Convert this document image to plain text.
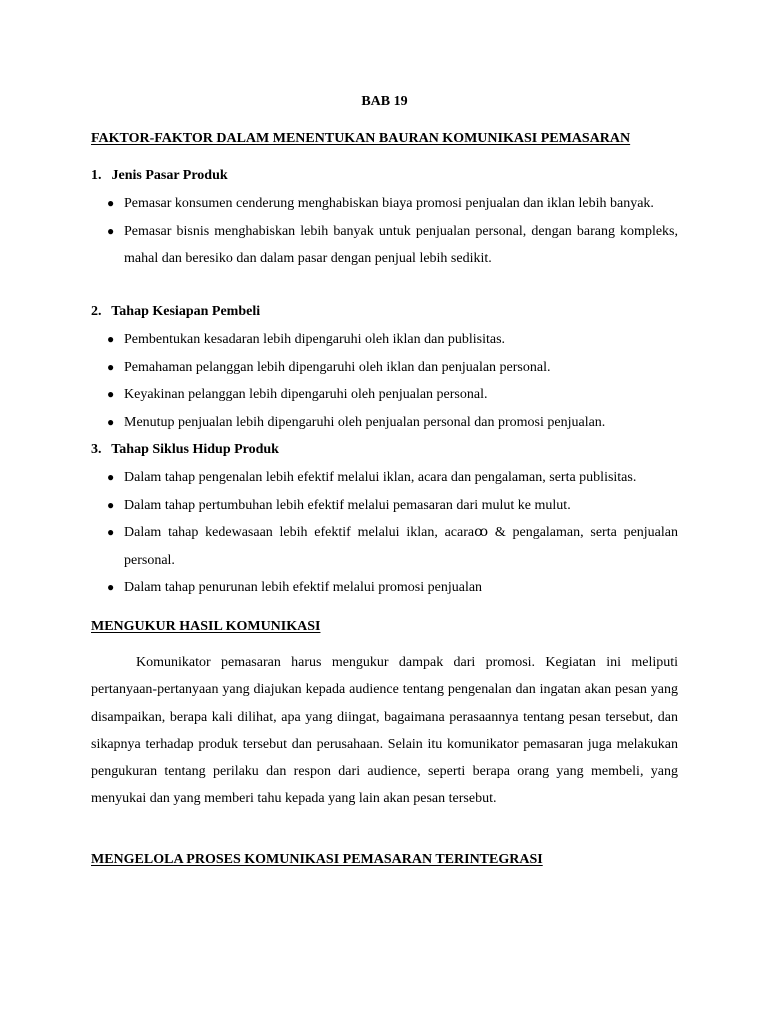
BAB 19
FAKTOR-FAKTOR DALAM MENENTUKAN BAURAN KOMUNIKASI PEMASARAN
1. Jenis Pasar Produk
● Pemasar konsumen cenderung menghabiskan biaya promosi penjualan dan iklan lebih banyak.
● Pemasar bisnis menghabiskan lebih banyak untuk penjualan personal, dengan barang kompleks, mahal dan beresiko dan dalam pasar dengan penjual lebih sedikit.
2. Tahap Kesiapan Pembeli
● Pembentukan kesadaran lebih dipengaruhi oleh iklan dan publisitas.
● Pemahaman pelanggan lebih dipengaruhi oleh iklan dan penjualan personal.
● Keyakinan pelanggan lebih dipengaruhi oleh penjualan personal.
● Menutup penjualan lebih dipengaruhi oleh penjualan personal dan promosi penjualan.
3. Tahap Siklus Hidup Produk
● Dalam tahap pengenalan lebih efektif melalui iklan, acara dan pengalaman, serta publisitas.
● Dalam tahap pertumbuhan lebih efektif melalui pemasaran dari mulut ke mulut.
● Dalam tahap kedewasaan lebih efektif melalui iklan, acaraꝏ & pengalaman, serta penjualan personal.
● Dalam tahap penurunan lebih efektif melalui promosi penjualan
MENGUKUR HASIL KOMUNIKASI

Komunikator pemasaran harus mengukur dampak dari promosi. Kegiatan ini meliputi pertanyaan-pertanyaan yang diajukan kepada audience tentang pengenalan dan ingatan akan pesan yang disampaikan, berapa kali dilihat, apa yang diingat, bagaimana perasaannya tentang pesan tersebut, dan sikapnya terhadap produk tersebut dan perusahaan. Selain itu komunikator pemasaran juga melakukan pengukuran tentang perilaku dan respon dari audience, seperti berapa orang yang membeli, yang menyukai dan yang memberi tahu kepada yang lain akan pesan tersebut.

MENGELOLA PROSES KOMUNIKASI PEMASARAN TERINTEGRASI
